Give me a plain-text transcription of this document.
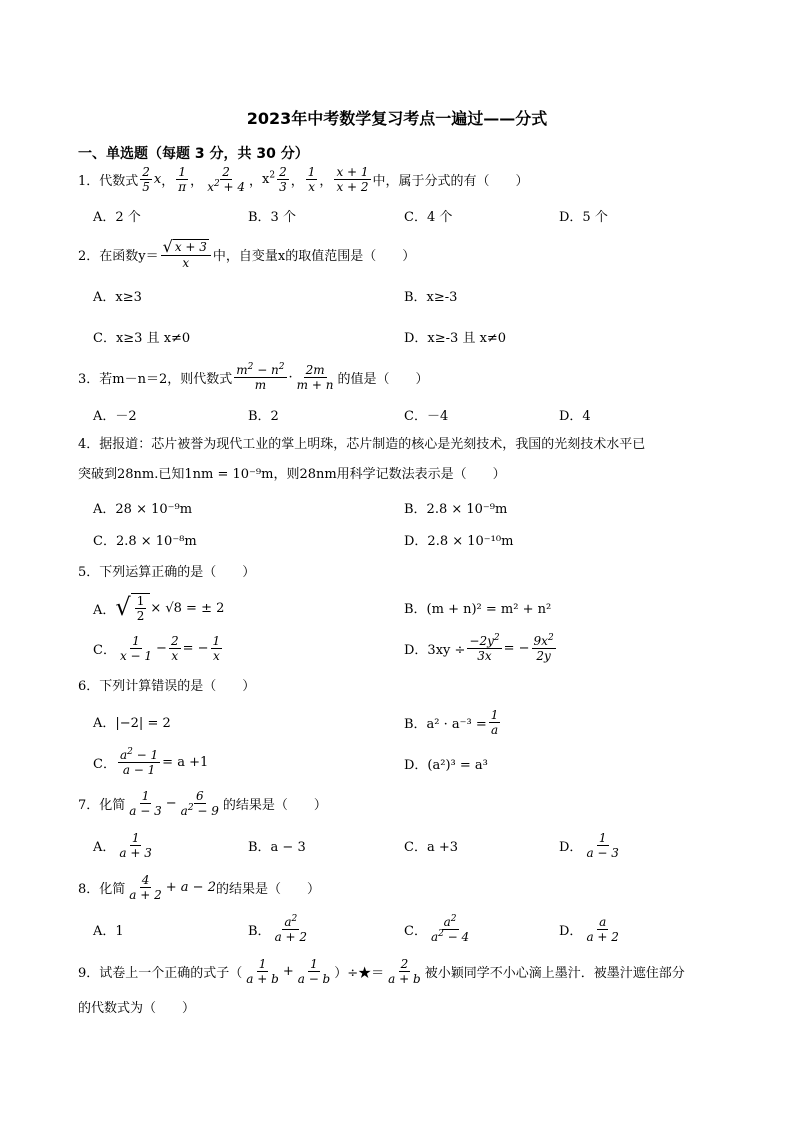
2023年中考数学复习考点一遍过——分式
一、单选题（每题 3 分，共 30 分）
1．代数式 $\frac{2}{5}$ x ， $\frac{1}{\pi}$ ， $\frac{2}{x^2 + 4}$ ， $x^2 \frac{2}{3}$ ， $\frac{1}{x}$ ， $\frac{x + 1}{x + 2}$ 中，属于分式的有（　　）
A．2 个	B．3 个	C．4 个	D．5 个
2．在函数$y= \frac{√ x + 3}{x}$ 中，自变量x的取值范围是（　　）
A．x≥3	B．x≥-3
C．x≥3 且 x≠0	D．x≥-3 且 x≠0
3．若m－n＝2，则代数式 $\frac{m^2 - n^2}{m} \cdot \frac{2m}{m + n}$ 的值是（　　）
A．－2	B．2	C．－4	D．4
4．据报道：芯片被誉为现代工业的掌上明珠，芯片制造的核心是光刻技术，我国的光刻技术水平已
突破到28nm.已知1nm = 10⁻⁹m，则28nm用科学记数法表示是（　　）
A．28 × 10⁻⁹m	B．2.8 × 10⁻⁹m
C．2.8 × 10⁻⁸m	D．2.8 × 10⁻¹⁰m
5．下列运算正确的是（　　）
A． √ $\frac{1}{2} \times √8$ = ± 2	B．(m + n)² = m² + n²
C． $\frac{1}{x - 1} - \frac{2}{x}$ = − $\frac{1}{x}$	D．$3xy \div \frac{-2y^2}{3x}$ = − $\frac{9x^2}{2y}$
6．下列计算错误的是（　　）
A．|−2| = 2	B．$a^2 \cdot a^{-3} = \frac{1}{a}$
C． $\frac{a^2 - 1}{a - 1} = a +1$	D．(a²)³ = a³
7．化简 $\frac{1}{a - 3} - \frac{6}{a^2 - 9}$ 的结果是（　　）
A． $\frac{1}{a + 3}$	B．a − 3	C．a +3	D． $\frac{1}{a - 3}$
8．化简 $\frac{4}{a + 2} + a - 2$ 的结果是（　　）
A．1	B． $\frac{a^2}{a + 2}$	C． $\frac{a^2}{a^2 - 4}$	D． $\frac{a}{a + 2}$
9．试卷上一个正确的式子（ $\frac{1}{a + b} + \frac{1}{a - b}$ ）÷★＝ $\frac{2}{a + b}$ 被小颖同学不小心滴上墨汁．被墨汁遮住部分
的代数式为（　　）
